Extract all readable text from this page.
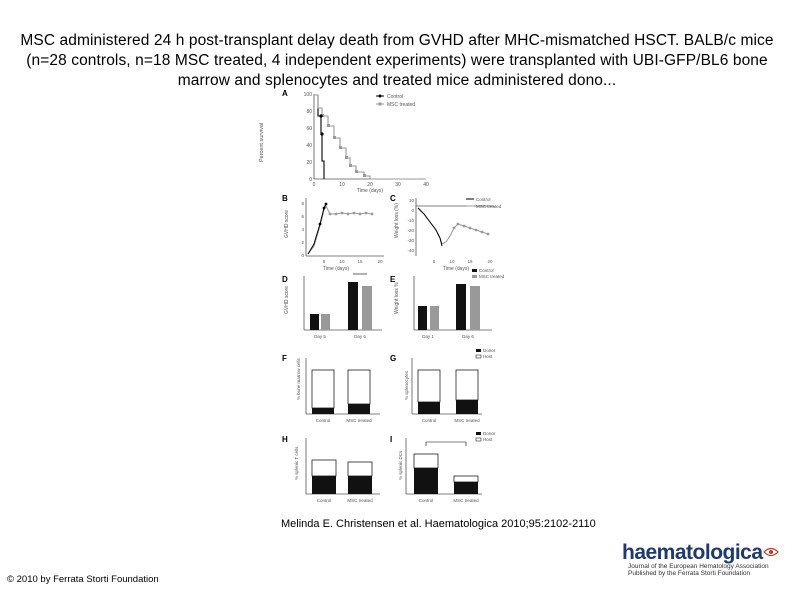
MSC administered 24 h post-transplant delay death from GVHD after MHC-mismatched HSCT. BALB/c mice (n=28 controls, n=18 MSC treated, 4 independent experiments) were transplanted with UBI-GFP/BL6 bone marrow and splenocytes and treated mice administered dono...
A
Percent survival
0
20
40
60
80
100
0	10	20	30	40
Time (days)
Control
MSC treated
B
GVHD score
0
2
4
6
8
5	10	15	20
Time (days)
C
Weight loss (%)
10
0
-10
-20
-30
-40
5	10	15	20
Time (days)
Control
MSC treated
D
GVHD score
Day 5	Day 6
E
Weight loss %
Day 1	Day 6
Control
MSC treated
F % bone marrow cells
Control	MSC treated
G
% splenocytes
Control	MSC treated
Donor
Host
H
% splenic T cells
Control	MSC treated
I
% splenic DCs
Control	MSC treated
Donor
Host
Melinda E. Christensen et al. Haematologica 2010;95:2102-2110
haematologica
Journal of the European Hematology Association
Published by the Ferrata Storti Foundation
© 2010 by Ferrata Storti Foundation
